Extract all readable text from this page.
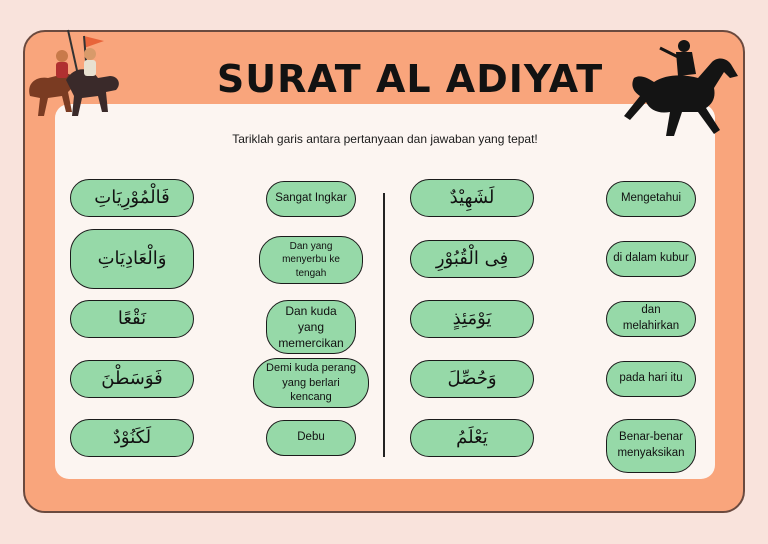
SURAT AL ADIYAT

Tariklah garis antara pertanyaan dan jawaban yang tepat!

فَالْمُوْرِيَاتِ
وَالْعَادِيَاتِ
نَقْعًا
فَوَسَطْنَ
لَكَنُوْدٌ
Sangat Ingkar
Dan yang menyerbu ke tengah
Dan kuda yang memercikan
Demi kuda perang yang berlari kencang
Debu
لَشَهِيْدٌ
فِى الْقُبُوْرِ
يَوْمَئِذٍ
وَحُصِّلَ
يَعْلَمُ
Mengetahui
di dalam kubur
dan melahirkan
pada hari itu
Benar-benar menyaksikan
